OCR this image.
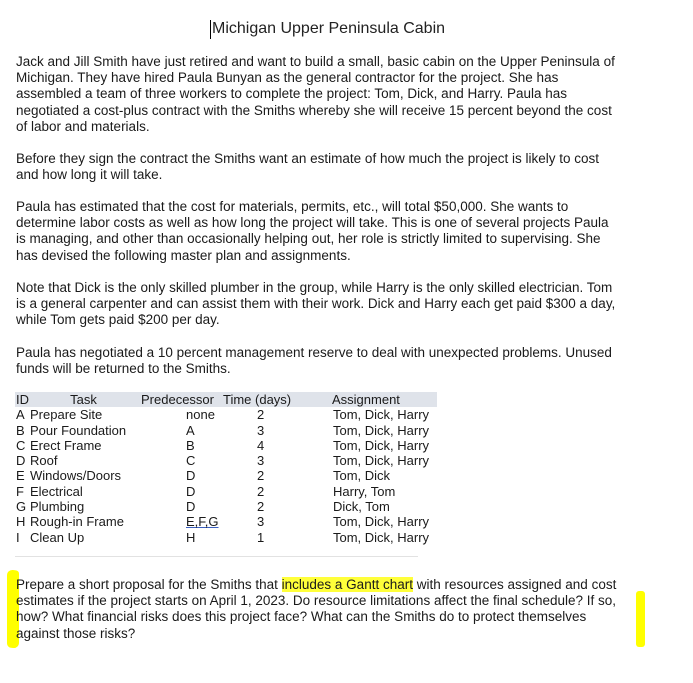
Michigan Upper Peninsula Cabin

Jack and Jill Smith have just retired and want to build a small, basic cabin on the Upper Peninsula of
Michigan. They have hired Paula Bunyan as the general contractor for the project. She has
assembled a team of three workers to complete the project: Tom, Dick, and Harry. Paula has
negotiated a cost-plus contract with the Smiths whereby she will receive 15 percent beyond the cost
of labor and materials.

Before they sign the contract the Smiths want an estimate of how much the project is likely to cost
and how long it will take.

Paula has estimated that the cost for materials, permits, etc., will total $50,000. She wants to
determine labor costs as well as how long the project will take. This is one of several projects Paula
is managing, and other than occasionally helping out, her role is strictly limited to supervising. She
has devised the following master plan and assignments.

Note that Dick is the only skilled plumber in the group, while Harry is the only skilled electrician. Tom
is a general carpenter and can assist them with their work. Dick and Harry each get paid $300 a day,
while Tom gets paid $200 per day.

Paula has negotiated a 10 percent management reserve to deal with unexpected problems. Unused
funds will be returned to the Smiths.

ID	Task	Predecessor	Time (days)	Assignment
A	Prepare Site	none	2	Tom, Dick, Harry
B	Pour Foundation	A	3	Tom, Dick, Harry
C	Erect Frame	B	4	Tom, Dick, Harry
D	Roof	C	3	Tom, Dick, Harry
E	Windows/Doors	D	2	Tom, Dick
F	Electrical	D	2	Harry, Tom
G	Plumbing	D	2	Dick, Tom
H	Rough-in Frame	E,F,G	3	Tom, Dick, Harry
I	Clean Up	H	1	Tom, Dick, Harry

Prepare a short proposal for the Smiths that includes a Gantt chart with resources assigned and cost
estimates if the project starts on April 1, 2023. Do resource limitations affect the final schedule? If so,
how? What financial risks does this project face? What can the Smiths do to protect themselves
against those risks?
